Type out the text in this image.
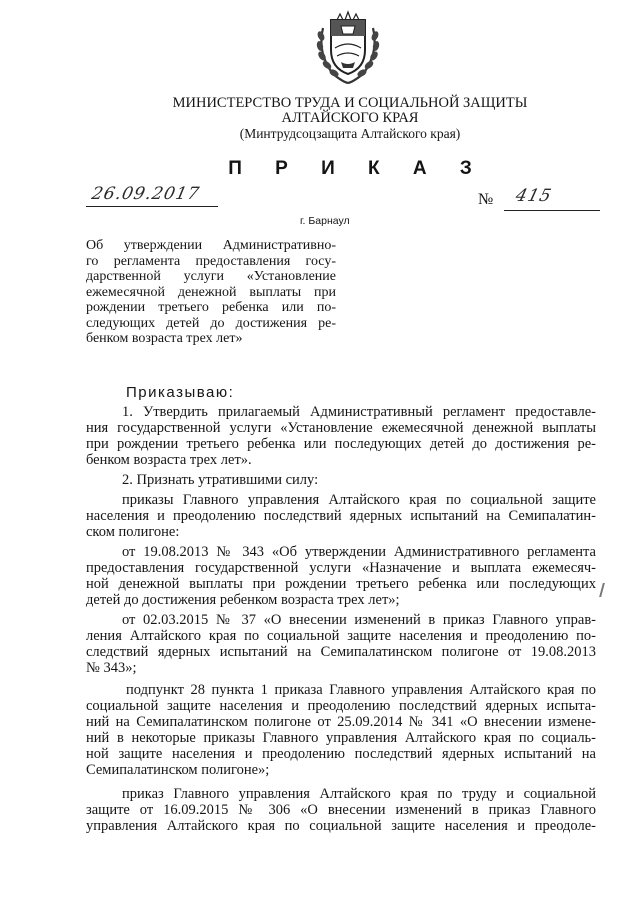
МИНИСТЕРСТВО ТРУДА И СОЦИАЛЬНОЙ ЗАЩИТЫ
АЛТАЙСКОГО КРАЯ
(Минтрудсоцзащита Алтайского края)
П Р И К А З
26.09.2017	№ 415
г. Барнаул
Об утверждении Административно-
го регламента предоставления госу-
дарственной услуги «Установление
ежемесячной денежной выплаты при
рождении третьего ребенка или по-
следующих детей до достижения ре-
бенком возраста трех лет»
Приказываю:
1. Утвердить прилагаемый Административный регламент предоставле-
ния государственной услуги «Установление ежемесячной денежной выплаты
при рождении третьего ребенка или последующих детей до достижения ре-
бенком возраста трех лет».
2. Признать утратившими силу:
приказы Главного управления Алтайского края по социальной защите
населения и преодолению последствий ядерных испытаний на Семипалатин-
ском полигоне:
от 19.08.2013 № 343 «Об утверждении Административного регламента
предоставления государственной услуги «Назначение и выплата ежемесяч-
ной денежной выплаты при рождении третьего ребенка или последующих
детей до достижения ребенком возраста трех лет»;
от 02.03.2015 № 37 «О внесении изменений в приказ Главного управ-
ления Алтайского края по социальной защите населения и преодолению по-
следствий ядерных испытаний на Семипалатинском полигоне от 19.08.2013
№ 343»;
подпункт 28 пункта 1 приказа Главного управления Алтайского края по
социальной защите населения и преодолению последствий ядерных испыта-
ний на Семипалатинском полигоне от 25.09.2014 № 341 «О внесении измене-
ний в некоторые приказы Главного управления Алтайского края по социаль-
ной защите населения и преодолению последствий ядерных испытаний на
Семипалатинском полигоне»;
приказ Главного управления Алтайского края по труду и социальной
защите от 16.09.2015 № 306 «О внесении изменений в приказ Главного
управления Алтайского края по социальной защите населения и преодоле-
